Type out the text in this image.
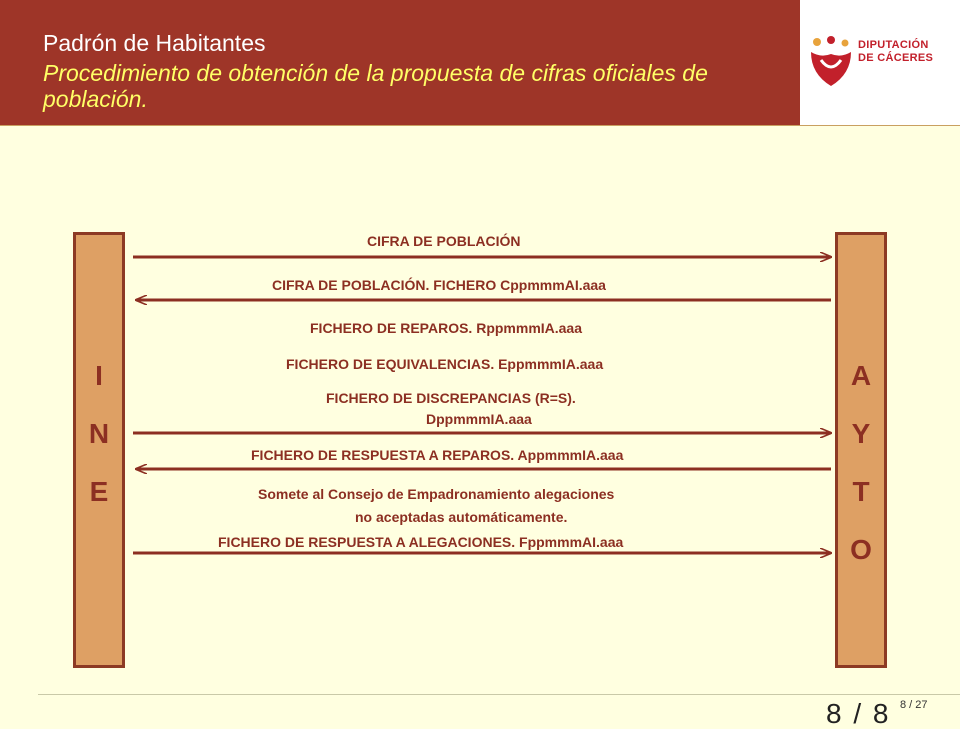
Padrón de Habitantes
Procedimiento de obtención de la propuesta de cifras oficiales de población.
DIPUTACIÓN
DE CÁCERES
I
N
E
A
Y
T
O
CIFRA DE POBLACIÓN
CIFRA DE POBLACIÓN. FICHERO CppmmmAI.aaa
FICHERO DE REPAROS. RppmmmIA.aaa
FICHERO DE EQUIVALENCIAS. EppmmmIA.aaa
FICHERO DE DISCREPANCIAS (R=S).
DppmmmIA.aaa
FICHERO DE RESPUESTA A REPAROS. AppmmmIA.aaa
Somete al Consejo de Empadronamiento alegaciones
no aceptadas automáticamente.
FICHERO DE RESPUESTA A ALEGACIONES. FppmmmAI.aaa
8 / 27
8 / 8
